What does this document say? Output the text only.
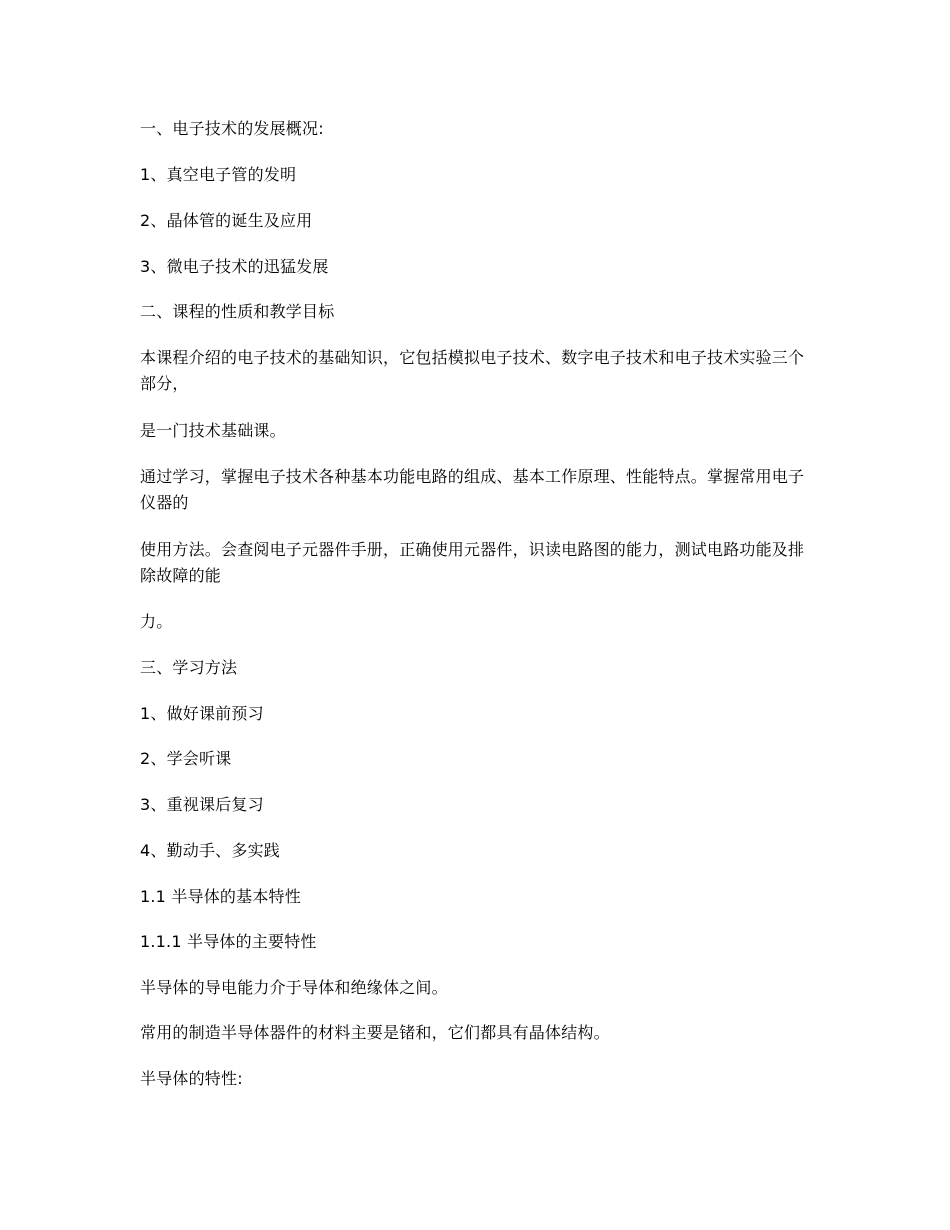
一、电子技术的发展概况:

1、真空电子管的发明

2、晶体管的诞生及应用

3、微电子技术的迅猛发展

二、课程的性质和教学目标

本课程介绍的电子技术的基础知识，它包括模拟电子技术、数字电子技术和电子技术实验三个部分，

是一门技术基础课。

通过学习，掌握电子技术各种基本功能电路的组成、基本工作原理、性能特点。掌握常用电子仪器的

使用方法。会查阅电子元器件手册，正确使用元器件，识读电路图的能力，测试电路功能及排除故障的能

力。

三、学习方法

1、做好课前预习

2、学会听课

3、重视课后复习

4、勤动手、多实践

1.1 半导体的基本特性

1.1.1 半导体的主要特性

半导体的导电能力介于导体和绝缘体之间。

常用的制造半导体器件的材料主要是锗和，它们都具有晶体结构。

半导体的特性:
